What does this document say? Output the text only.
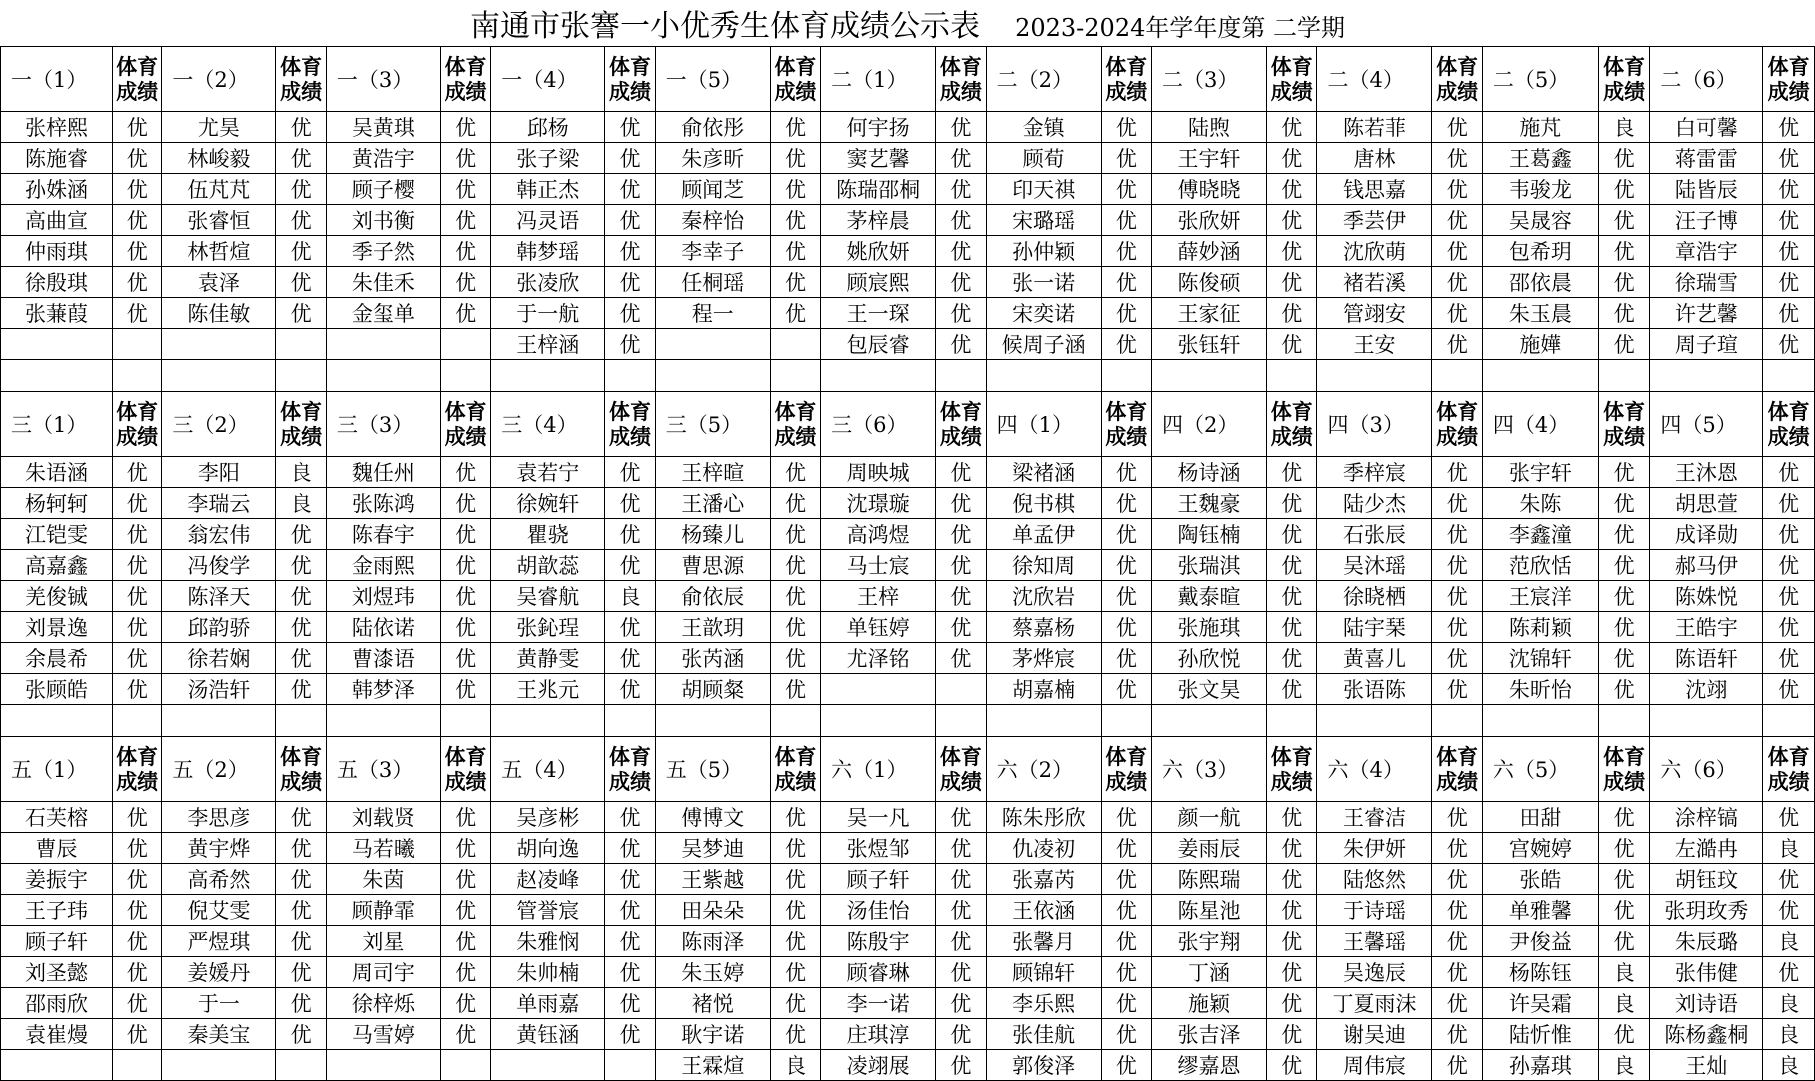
南通市张謇一小优秀生体育成绩公示表 2023-2024年学年度第 二学期
一（1）	体育成绩	一（2）	体育成绩	一（3）	体育成绩	一（4）	体育成绩	一（5）	体育成绩	二（1）	体育成绩	二（2）	体育成绩	二（3）	体育成绩	二（4）	体育成绩	二（5）	体育成绩	二（6）	体育成绩
张梓熙	优	尤昊	优	吴黄琪	优	邱杨	优	俞依彤	优	何宇扬	优	金镇	优	陆煦	优	陈若菲	优	施芃	良	白可馨	优
陈施睿	优	林峻毅	优	黄浩宇	优	张子梁	优	朱彦昕	优	窦艺馨	优	顾荀	优	王宇轩	优	唐林	优	王葛鑫	优	蒋雷雷	优
孙姝涵	优	伍芃芃	优	顾子樱	优	韩正杰	优	顾闻芝	优	陈瑞邵桐	优	印天祺	优	傅晓晓	优	钱思嘉	优	韦骏龙	优	陆皆辰	优
高曲宣	优	张睿恒	优	刘书衡	优	冯灵语	优	秦梓怡	优	茅梓晨	优	宋璐瑶	优	张欣妍	优	季芸伊	优	吴晟容	优	汪子博	优
仲雨琪	优	林哲煊	优	季子然	优	韩梦瑶	优	李幸子	优	姚欣妍	优	孙仲颖	优	薛妙涵	优	沈欣萌	优	包希玥	优	章浩宇	优
徐殷琪	优	袁泽	优	朱佳禾	优	张凌欣	优	任桐瑶	优	顾宸熙	优	张一诺	优	陈俊硕	优	褚若溪	优	邵依晨	优	徐瑞雪	优
张蒹葭	优	陈佳敏	优	金玺单	优	于一航	优	程一	优	王一琛	优	宋奕诺	优	王家征	优	管翊安	优	朱玉晨	优	许艺馨	优
						王梓涵	优			包辰睿	优	候周子涵	优	张钰轩	优	王安	优	施嬅	优	周子瑄	优

三（1）	体育成绩	三（2）	体育成绩	三（3）	体育成绩	三（4）	体育成绩	三（5）	体育成绩	三（6）	体育成绩	四（1）	体育成绩	四（2）	体育成绩	四（3）	体育成绩	四（4）	体育成绩	四（5）	体育成绩
朱语涵	优	李阳	良	魏任州	优	袁若宁	优	王梓暄	优	周映城	优	梁褚涵	优	杨诗涵	优	季梓宸	优	张宇轩	优	王沐恩	优
杨轲轲	优	李瑞云	良	张陈鸿	优	徐婉轩	优	王潘心	优	沈璟璇	优	倪书棋	优	王魏豪	优	陆少杰	优	朱陈	优	胡思萱	优
江铠雯	优	翁宏伟	优	陈春宇	优	瞿骁	优	杨臻儿	优	高鸿煜	优	单孟伊	优	陶钰楠	优	石张辰	优	李鑫潼	优	成译勋	优
高嘉鑫	优	冯俊学	优	金雨熙	优	胡歆蕊	优	曹思源	优	马士宸	优	徐知周	优	张瑞淇	优	吴沐瑶	优	范欣恬	优	郝马伊	优
羌俊铖	优	陈泽天	优	刘煜玮	优	吴睿航	良	俞依辰	优	王梓	优	沈欣岩	优	戴泰暄	优	徐晓栖	优	王宸洋	优	陈姝悦	优
刘景逸	优	邱韵骄	优	陆依诺	优	张鈊珵	优	王歆玥	优	单钰婷	优	蔡嘉杨	优	张施琪	优	陆宇琹	优	陈莉颖	优	王皓宇	优
余晨希	优	徐若娴	优	曹漆语	优	黄静雯	优	张芮涵	优	尤泽铭	优	茅烨宸	优	孙欣悦	优	黄喜儿	优	沈锦轩	优	陈语轩	优
张顾皓	优	汤浩轩	优	韩梦泽	优	王兆元	优	胡顾粲	优			胡嘉楠	优	张文昊	优	张语陈	优	朱昕怡	优	沈翊	优

五（1）	体育成绩	五（2）	体育成绩	五（3）	体育成绩	五（4）	体育成绩	五（5）	体育成绩	六（1）	体育成绩	六（2）	体育成绩	六（3）	体育成绩	六（4）	体育成绩	六（5）	体育成绩	六（6）	体育成绩
石芙榕	优	李思彦	优	刘载贤	优	吴彦彬	优	傅博文	优	吴一凡	优	陈朱彤欣	优	颜一航	优	王睿洁	优	田甜	优	涂梓镐	优
曹辰	优	黄宇烨	优	马若曦	优	胡向逸	优	吴梦迪	优	张煜邹	优	仇凌初	优	姜雨辰	优	朱伊妍	优	宫婉婷	优	左澔冉	良
姜振宇	优	高希然	优	朱茵	优	赵凌峰	优	王紫越	优	顾子轩	优	张嘉芮	优	陈熙瑞	优	陆悠然	优	张皓	优	胡钰玟	优
王子玮	优	倪艾雯	优	顾静霏	优	管誉宸	优	田朵朵	优	汤佳怡	优	王依涵	优	陈星池	优	于诗瑶	优	单雅馨	优	张玥玫秀	优
顾子轩	优	严煜琪	优	刘星	优	朱雅悯	优	陈雨泽	优	陈殷宇	优	张馨月	优	张宇翔	优	王馨瑶	优	尹俊益	优	朱辰璐	良
刘圣懿	优	姜媛丹	优	周司宇	优	朱帅楠	优	朱玉婷	优	顾睿琳	优	顾锦轩	优	丁涵	优	吴逸辰	优	杨陈钰	良	张伟健	优
邵雨欣	优	于一	优	徐梓烁	优	单雨嘉	优	褚悦	优	李一诺	优	李乐熙	优	施颖	优	丁夏雨沫	优	许吴霜	良	刘诗语	良
袁崔熳	优	秦美宝	优	马雪婷	优	黄钰涵	优	耿宇诺	优	庄琪淳	优	张佳航	优	张吉泽	优	谢吴迪	优	陆忻惟	优	陈杨鑫桐	良
								王霖煊	良	凌翊展	优	郭俊泽	优	缪嘉恩	优	周伟宸	优	孙嘉琪	良	王灿	良
